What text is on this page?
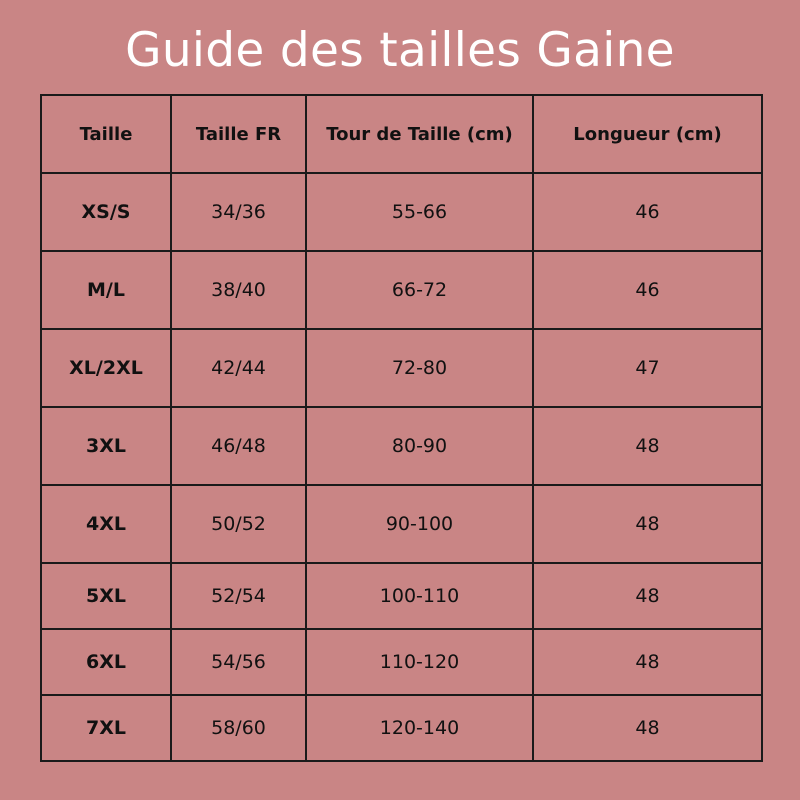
Guide des tailles Gaine
Taille	Taille FR	Tour de Taille (cm)	Longueur (cm)
XS/S	34/36	55-66	46
M/L	38/40	66-72	46
XL/2XL	42/44	72-80	47
3XL	46/48	80-90	48
4XL	50/52	90-100	48
5XL	52/54	100-110	48
6XL	54/56	110-120	48
7XL	58/60	120-140	48
